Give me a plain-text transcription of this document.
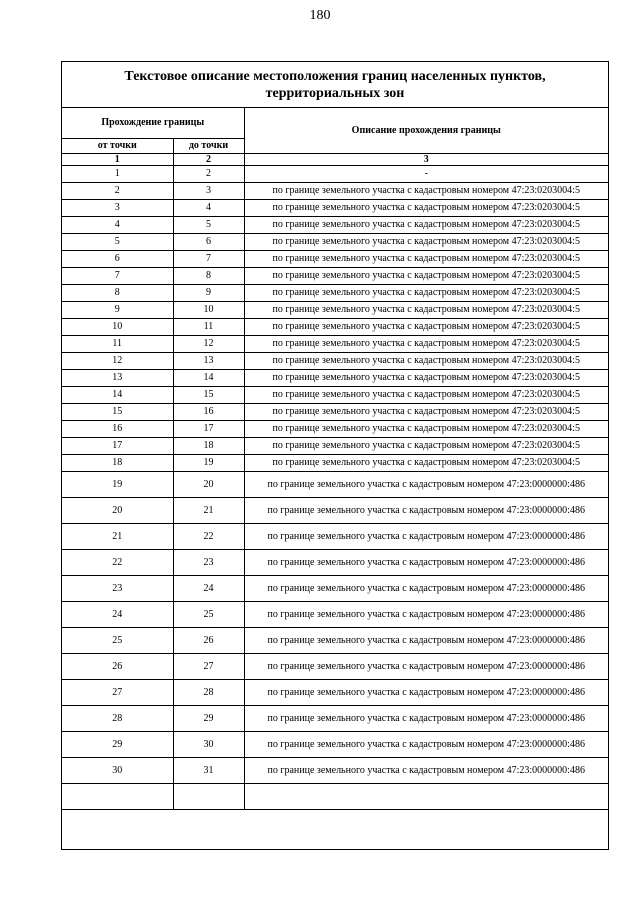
180
Текстовое описание местоположения границ населенных пунктов, территориальных зон
Прохождение границы		Описание прохождения границы
от точки	до точки	
1	2	3
1	2	-
2	3	по границе земельного участка с кадастровым номером 47:23:0203004:5
3	4	по границе земельного участка с кадастровым номером 47:23:0203004:5
4	5	по границе земельного участка с кадастровым номером 47:23:0203004:5
5	6	по границе земельного участка с кадастровым номером 47:23:0203004:5
6	7	по границе земельного участка с кадастровым номером 47:23:0203004:5
7	8	по границе земельного участка с кадастровым номером 47:23:0203004:5
8	9	по границе земельного участка с кадастровым номером 47:23:0203004:5
9	10	по границе земельного участка с кадастровым номером 47:23:0203004:5
10	11	по границе земельного участка с кадастровым номером 47:23:0203004:5
11	12	по границе земельного участка с кадастровым номером 47:23:0203004:5
12	13	по границе земельного участка с кадастровым номером 47:23:0203004:5
13	14	по границе земельного участка с кадастровым номером 47:23:0203004:5
14	15	по границе земельного участка с кадастровым номером 47:23:0203004:5
15	16	по границе земельного участка с кадастровым номером 47:23:0203004:5
16	17	по границе земельного участка с кадастровым номером 47:23:0203004:5
17	18	по границе земельного участка с кадастровым номером 47:23:0203004:5
18	19	по границе земельного участка с кадастровым номером 47:23:0203004:5
19	20	по границе земельного участка с кадастровым номером 47:23:0000000:486
20	21	по границе земельного участка с кадастровым номером 47:23:0000000:486
21	22	по границе земельного участка с кадастровым номером 47:23:0000000:486
22	23	по границе земельного участка с кадастровым номером 47:23:0000000:486
23	24	по границе земельного участка с кадастровым номером 47:23:0000000:486
24	25	по границе земельного участка с кадастровым номером 47:23:0000000:486
25	26	по границе земельного участка с кадастровым номером 47:23:0000000:486
26	27	по границе земельного участка с кадастровым номером 47:23:0000000:486
27	28	по границе земельного участка с кадастровым номером 47:23:0000000:486
28	29	по границе земельного участка с кадастровым номером 47:23:0000000:486
29	30	по границе земельного участка с кадастровым номером 47:23:0000000:486
30	31	по границе земельного участка с кадастровым номером 47:23:0000000:486
